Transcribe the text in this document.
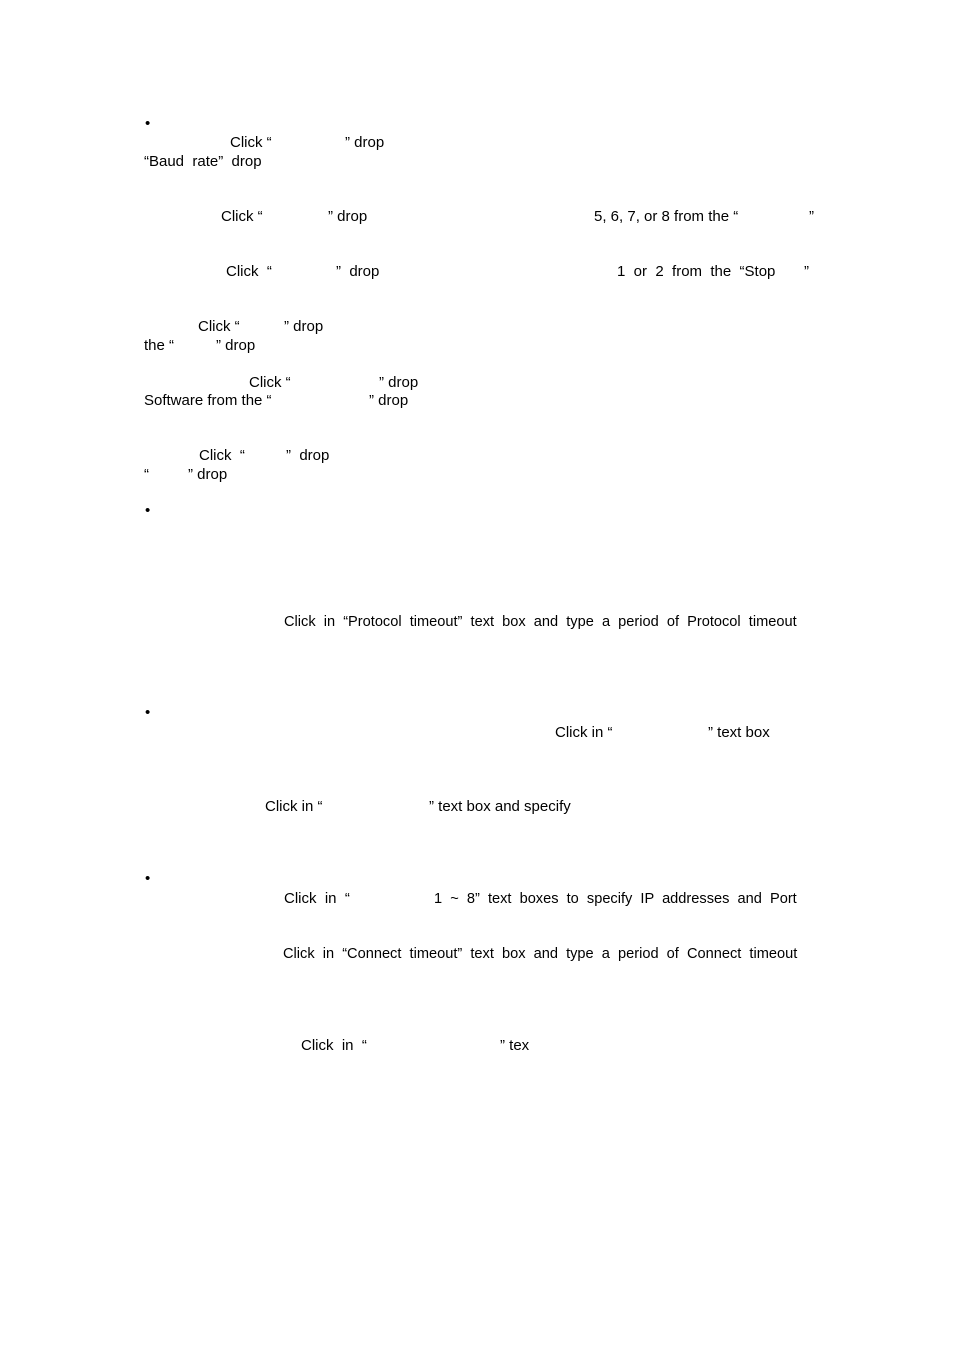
•
•
•
•
Click “	” drop
“Baud  rate”  drop
Click “	” drop	5, 6, 7, or 8 from the “	”
Click  “	”  drop	1  or  2  from  the  “Stop ”
Click “	” drop
the “	” drop
Click “	” drop
Software from the “	” drop
Click  “	”  drop
“	” drop
Click  in  “Protocol  timeout”  text  box  and  type  a  period  of  Protocol  timeout
Click in “	” text box
Click in “	” text box and specify
Click  in  “	1  ~  8”  text  boxes  to  specify  IP  addresses  and  Port
Click  in  “Connect  timeout”  text  box  and  type  a  period  of  Connect  timeout
Click  in  “	” tex
